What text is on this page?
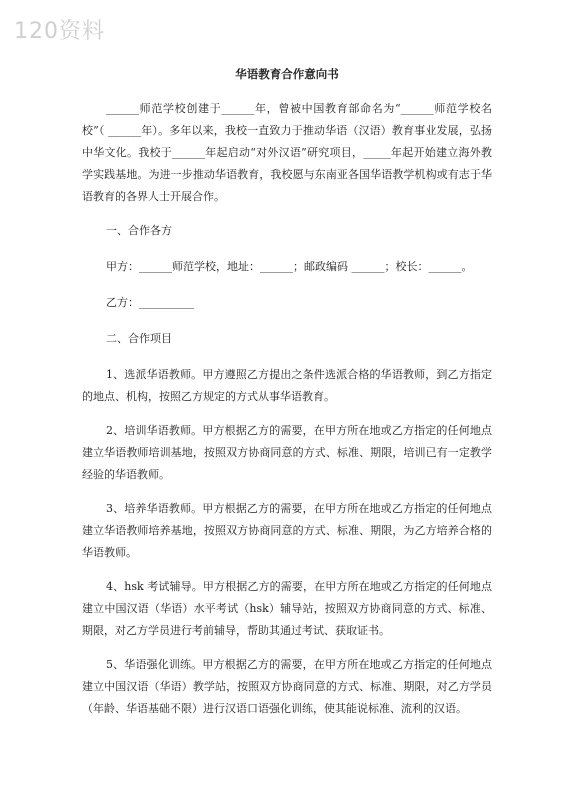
120资料
华语教育合作意向书

______师范学校创建于______年，曾被中国教育部命名为“______师范学校名校”（ ______年）。多年以来，我校一直致力于推动华语（汉语）教育事业发展，弘扬中华文化。我校于______年起启动“对外汉语”研究项目，_____年起开始建立海外教学实践基地。为进一步推动华语教育，我校愿与东南亚各国华语教学机构或有志于华语教育的各界人士开展合作。

一、合作各方
甲方：______师范学校，地址：______；邮政编码 ______；校长：______。
乙方：__________
二、合作项目

1、选派华语教师。甲方遵照乙方提出之条件选派合格的华语教师，到乙方指定的地点、机构，按照乙方规定的方式从事华语教育。

2、培训华语教师。甲方根据乙方的需要，在甲方所在地或乙方指定的任何地点建立华语教师培训基地，按照双方协商同意的方式、标准、期限，培训已有一定教学经验的华语教师。

3、培养华语教师。甲方根据乙方的需要，在甲方所在地或乙方指定的任何地点建立华语教师培养基地，按照双方协商同意的方式、标准、期限，为乙方培养合格的华语教师。

4、hsk 考试辅导。甲方根据乙方的需要，在甲方所在地或乙方指定的任何地点建立中国汉语（华语）水平考试（hsk）辅导站，按照双方协商同意的方式、标准、期限，对乙方学员进行考前辅导，帮助其通过考试、获取证书。

5、华语强化训练。甲方根据乙方的需要，在甲方所在地或乙方指定的任何地点建立中国汉语（华语）教学站，按照双方协商同意的方式、标准、期限，对乙方学员（年龄、华语基础不限）进行汉语口语强化训练，使其能说标准、流利的汉语。
